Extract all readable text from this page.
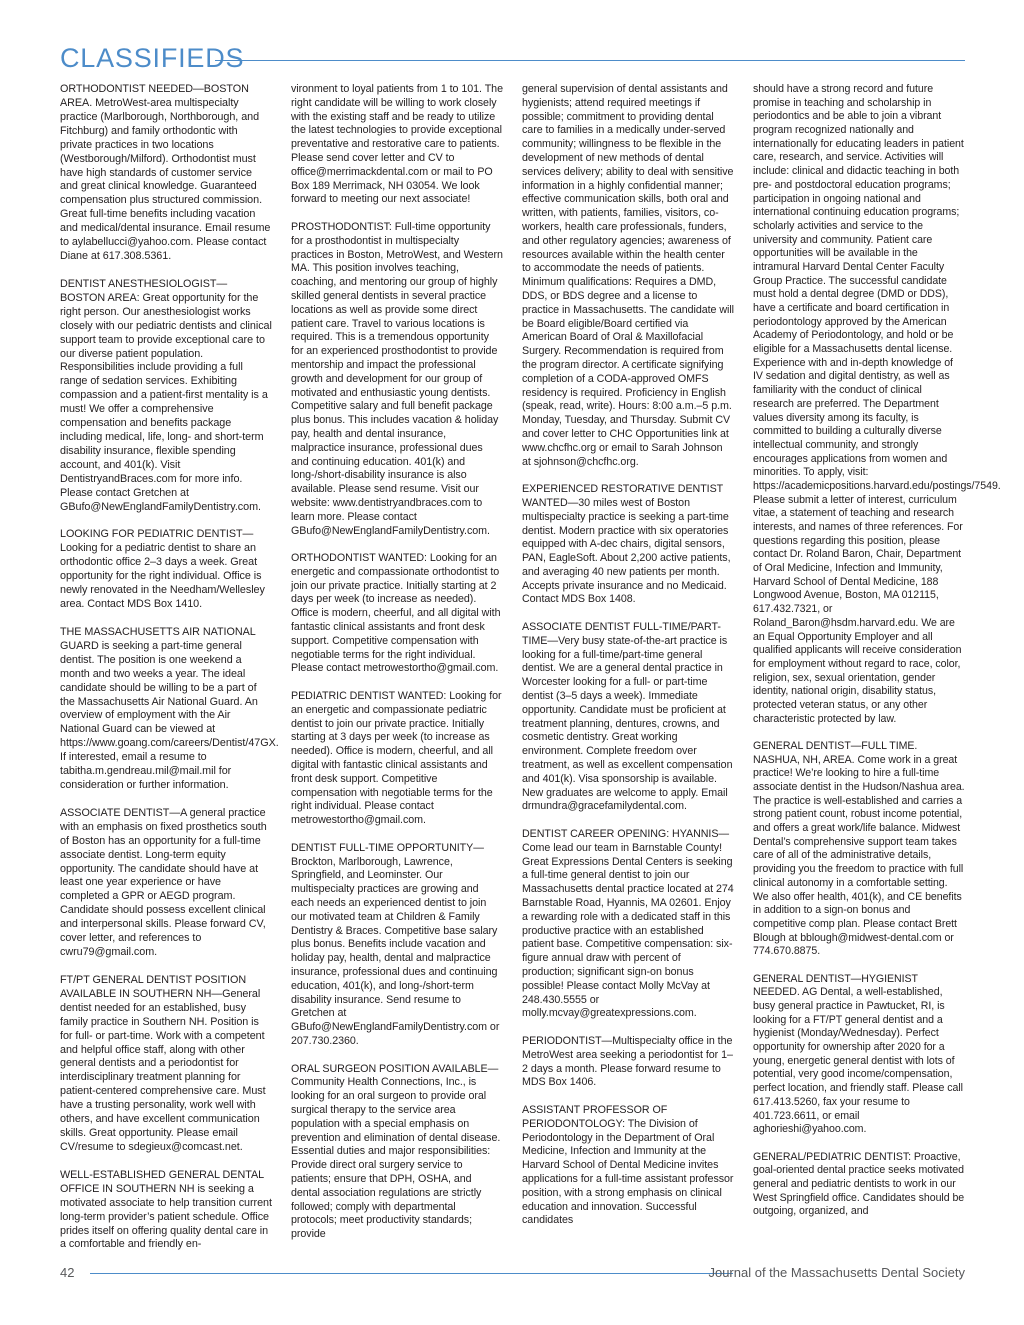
CLASSIFIEDS

ORTHODONTIST NEEDED—BOSTON AREA. MetroWest-area multispecialty practice (Marlborough, Northborough, and Fitchburg) and family orthodontic with private practices in two locations (Westborough/Milford). Orthodontist must have high standards of customer service and great clinical knowledge. Guaranteed compensation plus structured commission. Great full-time benefits including vacation and medical/dental insurance. Email resume to aylabellucci@yahoo.com. Please contact Diane at 617.308.5361.

DENTIST ANESTHESIOLOGIST—BOSTON AREA: Great opportunity for the right person. Our anesthesiologist works closely with our pediatric dentists and clinical support team to provide exceptional care to our diverse patient population. Responsibilities include providing a full range of sedation services. Exhibiting compassion and a patient-first mentality is a must! We offer a comprehensive compensation and benefits package including medical, life, long- and short-term disability insurance, flexible spending account, and 401(k). Visit DentistryandBraces.com for more info. Please contact Gretchen at GBufo@NewEnglandFamilyDentistry.com.

LOOKING FOR PEDIATRIC DENTIST—Looking for a pediatric dentist to share an orthodontic office 2–3 days a week. Great opportunity for the right individual. Office is newly renovated in the Needham/Wellesley area. Contact MDS Box 1410.

THE MASSACHUSETTS AIR NATIONAL GUARD is seeking a part-time general dentist. The position is one weekend a month and two weeks a year. The ideal candidate should be willing to be a part of the Massachusetts Air National Guard. An overview of employment with the Air National Guard can be viewed at https://www.goang.com/careers/Dentist/47GX. If interested, email a resume to tabitha.m.gendreau.mil@mail.mil for consideration or further information.

ASSOCIATE DENTIST—A general practice with an emphasis on fixed prosthetics south of Boston has an opportunity for a full-time associate dentist. Long-term equity opportunity. The candidate should have at least one year experience or have completed a GPR or AEGD program. Candidate should possess excellent clinical and interpersonal skills. Please forward CV, cover letter, and references to cwru79@gmail.com.

FT/PT GENERAL DENTIST POSITION AVAILABLE IN SOUTHERN NH—General dentist needed for an established, busy family practice in Southern NH. Position is for full- or part-time. Work with a competent and helpful office staff, along with other general dentists and a periodontist for interdisciplinary treatment planning for patient-centered comprehensive care. Must have a trusting personality, work well with others, and have excellent communication skills. Great opportunity. Please email CV/resume to sdegieux@comcast.net.

WELL-ESTABLISHED GENERAL DENTAL OFFICE IN SOUTHERN NH is seeking a motivated associate to help transition current long-term provider’s patient schedule. Office prides itself on offering quality dental care in a comfortable and friendly en-

vironment to loyal patients from 1 to 101. The right candidate will be willing to work closely with the existing staff and be ready to utilize the latest technologies to provide exceptional preventative and restorative care to patients. Please send cover letter and CV to office@merrimackdental.com or mail to PO Box 189 Merrimack, NH 03054. We look forward to meeting our next associate!

PROSTHODONTIST: Full-time opportunity for a prosthodontist in multispecialty practices in Boston, MetroWest, and Western MA. This position involves teaching, coaching, and mentoring our group of highly skilled general dentists in several practice locations as well as provide some direct patient care. Travel to various locations is required. This is a tremendous opportunity for an experienced prosthodontist to provide mentorship and impact the professional growth and development for our group of motivated and enthusiastic young dentists. Competitive salary and full benefit package plus bonus. This includes vacation & holiday pay, health and dental insurance, malpractice insurance, professional dues and continuing education. 401(k) and long-/short-disability insurance is also available. Please send resume. Visit our website: www.dentistryandbraces.com to learn more. Please contact GBufo@NewEnglandFamilyDentistry.com.

ORTHODONTIST WANTED: Looking for an energetic and compassionate orthodontist to join our private practice. Initially starting at 2 days per week (to increase as needed). Office is modern, cheerful, and all digital with fantastic clinical assistants and front desk support. Competitive compensation with negotiable terms for the right individual. Please contact metrowestortho@gmail.com.

PEDIATRIC DENTIST WANTED: Looking for an energetic and compassionate pediatric dentist to join our private practice. Initially starting at 3 days per week (to increase as needed). Office is modern, cheerful, and all digital with fantastic clinical assistants and front desk support. Competitive compensation with negotiable terms for the right individual. Please contact metrowestortho@gmail.com.

DENTIST FULL-TIME OPPORTUNITY—Brockton, Marlborough, Lawrence, Springfield, and Leominster. Our multispecialty practices are growing and each needs an experienced dentist to join our motivated team at Children & Family Dentistry & Braces. Competitive base salary plus bonus. Benefits include vacation and holiday pay, health, dental and malpractice insurance, professional dues and continuing education, 401(k), and long-/short-term disability insurance. Send resume to Gretchen at GBufo@NewEnglandFamilyDentistry.com or 207.730.2360.

ORAL SURGEON POSITION AVAILABLE—Community Health Connections, Inc., is looking for an oral surgeon to provide oral surgical therapy to the service area population with a special emphasis on prevention and elimination of dental disease. Essential duties and major responsibilities: Provide direct oral surgery service to patients; ensure that DPH, OSHA, and dental association regulations are strictly followed; comply with departmental protocols; meet productivity standards; provide

general supervision of dental assistants and hygienists; attend required meetings if possible; commitment to providing dental care to families in a medically under-served community; willingness to be flexible in the development of new methods of dental services delivery; ability to deal with sensitive information in a highly confidential manner; effective communication skills, both oral and written, with patients, families, visitors, co-workers, health care professionals, funders, and other regulatory agencies; awareness of resources available within the health center to accommodate the needs of patients. Minimum qualifications: Requires a DMD, DDS, or BDS degree and a license to practice in Massachusetts. The candidate will be Board eligible/Board certified via American Board of Oral & Maxillofacial Surgery. Recommendation is required from the program director. A certificate signifying completion of a CODA-approved OMFS residency is required. Proficiency in English (speak, read, write). Hours: 8:00 a.m.–5 p.m. Monday, Tuesday, and Thursday. Submit CV and cover letter to CHC Opportunities link at www.chcfhc.org or email to Sarah Johnson at sjohnson@chcfhc.org.

EXPERIENCED RESTORATIVE DENTIST WANTED—30 miles west of Boston multispecialty practice is seeking a part-time dentist. Modern practice with six operatories equipped with A-dec chairs, digital sensors, PAN, EagleSoft. About 2,200 active patients, and averaging 40 new patients per month. Accepts private insurance and no Medicaid. Contact MDS Box 1408.

ASSOCIATE DENTIST FULL-TIME/PART-TIME—Very busy state-of-the-art practice is looking for a full-time/part-time general dentist. We are a general dental practice in Worcester looking for a full- or part-time dentist (3–5 days a week). Immediate opportunity. Candidate must be proficient at treatment planning, dentures, crowns, and cosmetic dentistry. Great working environment. Complete freedom over treatment, as well as excellent compensation and 401(k). Visa sponsorship is available. New graduates are welcome to apply. Email drmundra@gracefamilydental.com.

DENTIST CAREER OPENING: HYANNIS—Come lead our team in Barnstable County! Great Expressions Dental Centers is seeking a full-time general dentist to join our Massachusetts dental practice located at 274 Barnstable Road, Hyannis, MA 02601. Enjoy a rewarding role with a dedicated staff in this productive practice with an established patient base. Competitive compensation: six-figure annual draw with percent of production; significant sign-on bonus possible! Please contact Molly McVay at 248.430.5555 or molly.mcvay@greatexpressions.com.

PERIODONTIST—Multispecialty office in the MetroWest area seeking a periodontist for 1–2 days a month. Please forward resume to MDS Box 1406.

ASSISTANT PROFESSOR OF PERIODONTOLOGY: The Division of Periodontology in the Department of Oral Medicine, Infection and Immunity at the Harvard School of Dental Medicine invites applications for a full-time assistant professor position, with a strong emphasis on clinical education and innovation. Successful candidates

should have a strong record and future promise in teaching and scholarship in periodontics and be able to join a vibrant program recognized nationally and internationally for educating leaders in patient care, research, and service. Activities will include: clinical and didactic teaching in both pre- and postdoctoral education programs; participation in ongoing national and international continuing education programs; scholarly activities and service to the university and community. Patient care opportunities will be available in the intramural Harvard Dental Center Faculty Group Practice. The successful candidate must hold a dental degree (DMD or DDS), have a certificate and board certification in periodontology approved by the American Academy of Periodontology, and hold or be eligible for a Massachusetts dental license. Experience with and in-depth knowledge of IV sedation and digital dentistry, as well as familiarity with the conduct of clinical research are preferred. The Department values diversity among its faculty, is committed to building a culturally diverse intellectual community, and strongly encourages applications from women and minorities. To apply, visit: https://academicpositions.harvard.edu/postings/7549. Please submit a letter of interest, curriculum vitae, a statement of teaching and research interests, and names of three references. For questions regarding this position, please contact Dr. Roland Baron, Chair, Department of Oral Medicine, Infection and Immunity, Harvard School of Dental Medicine, 188 Longwood Avenue, Boston, MA 012115, 617.432.7321, or Roland_Baron@hsdm.harvard.edu. We are an Equal Opportunity Employer and all qualified applicants will receive consideration for employment without regard to race, color, religion, sex, sexual orientation, gender identity, national origin, disability status, protected veteran status, or any other characteristic protected by law.

GENERAL DENTIST—FULL TIME. NASHUA, NH, AREA. Come work in a great practice! We’re looking to hire a full-time associate dentist in the Hudson/Nashua area. The practice is well-established and carries a strong patient count, robust income potential, and offers a great work/life balance. Midwest Dental’s comprehensive support team takes care of all of the administrative details, providing you the freedom to practice with full clinical autonomy in a comfortable setting. We also offer health, 401(k), and CE benefits in addition to a sign-on bonus and competitive comp plan. Please contact Brett Blough at bblough@midwest-dental.com or 774.670.8875.

GENERAL DENTIST—HYGIENIST NEEDED. AG Dental, a well-established, busy general practice in Pawtucket, RI, is looking for a FT/PT general dentist and a hygienist (Monday/Wednesday). Perfect opportunity for ownership after 2020 for a young, energetic general dentist with lots of potential, very good income/compensation, perfect location, and friendly staff. Please call 617.413.5260, fax your resume to 401.723.6611, or email aghorieshi@yahoo.com.

GENERAL/PEDIATRIC DENTIST: Proactive, goal-oriented dental practice seeks motivated general and pediatric dentists to work in our West Springfield office. Candidates should be outgoing, organized, and

42	Journal of the Massachusetts Dental Society
